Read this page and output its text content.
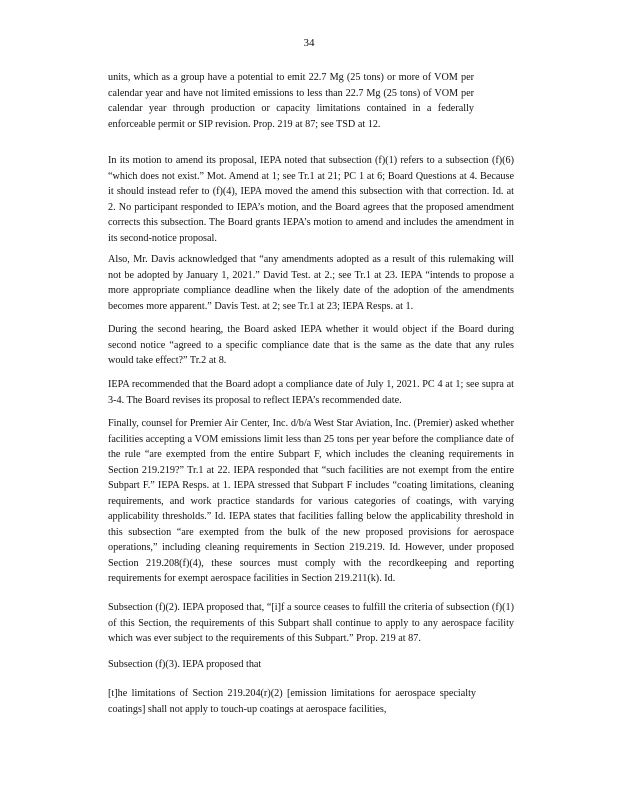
34

units, which as a group have a potential to emit 22.7 Mg (25 tons) or more of VOM per calendar year and have not limited emissions to less than 22.7 Mg (25 tons) of VOM per calendar year through production or capacity limitations contained in a federally enforceable permit or SIP revision. Prop. 219 at 87; see TSD at 12.

In its motion to amend its proposal, IEPA noted that subsection (f)(1) refers to a subsection (f)(6) “which does not exist.” Mot. Amend at 1; see Tr.1 at 21; PC 1 at 6; Board Questions at 4. Because it should instead refer to (f)(4), IEPA moved the amend this subsection with that correction. Id. at 2. No participant responded to IEPA’s motion, and the Board agrees that the proposed amendment corrects this subsection. The Board grants IEPA’s motion to amend and includes the amendment in its second-notice proposal.

Also, Mr. Davis acknowledged that “any amendments adopted as a result of this rulemaking will not be adopted by January 1, 2021.” David Test. at 2.; see Tr.1 at 23. IEPA “intends to propose a more appropriate compliance deadline when the likely date of the adoption of the amendments becomes more apparent.” Davis Test. at 2; see Tr.1 at 23; IEPA Resps. at 1.

During the second hearing, the Board asked IEPA whether it would object if the Board during second notice “agreed to a specific compliance date that is the same as the date that any rules would take effect?” Tr.2 at 8.

IEPA recommended that the Board adopt a compliance date of July 1, 2021. PC 4 at 1; see supra at 3-4. The Board revises its proposal to reflect IEPA’s recommended date.

Finally, counsel for Premier Air Center, Inc. d/b/a West Star Aviation, Inc. (Premier) asked whether facilities accepting a VOM emissions limit less than 25 tons per year before the compliance date of the rule “are exempted from the entire Subpart F, which includes the cleaning requirements in Section 219.219?” Tr.1 at 22. IEPA responded that “such facilities are not exempt from the entire Subpart F.” IEPA Resps. at 1. IEPA stressed that Subpart F includes “coating limitations, cleaning requirements, and work practice standards for various categories of coatings, with varying applicability thresholds.” Id. IEPA states that facilities falling below the applicability threshold in this subsection “are exempted from the bulk of the new proposed provisions for aerospace operations,” including cleaning requirements in Section 219.219. Id. However, under proposed Section 219.208(f)(4), these sources must comply with the recordkeeping and reporting requirements for exempt aerospace facilities in Section 219.211(k). Id.

Subsection (f)(2). IEPA proposed that, “[i]f a source ceases to fulfill the criteria of subsection (f)(1) of this Section, the requirements of this Subpart shall continue to apply to any aerospace facility which was ever subject to the requirements of this Subpart.” Prop. 219 at 87.

Subsection (f)(3). IEPA proposed that

[t]he limitations of Section 219.204(r)(2) [emission limitations for aerospace specialty coatings] shall not apply to touch-up coatings at aerospace facilities,
